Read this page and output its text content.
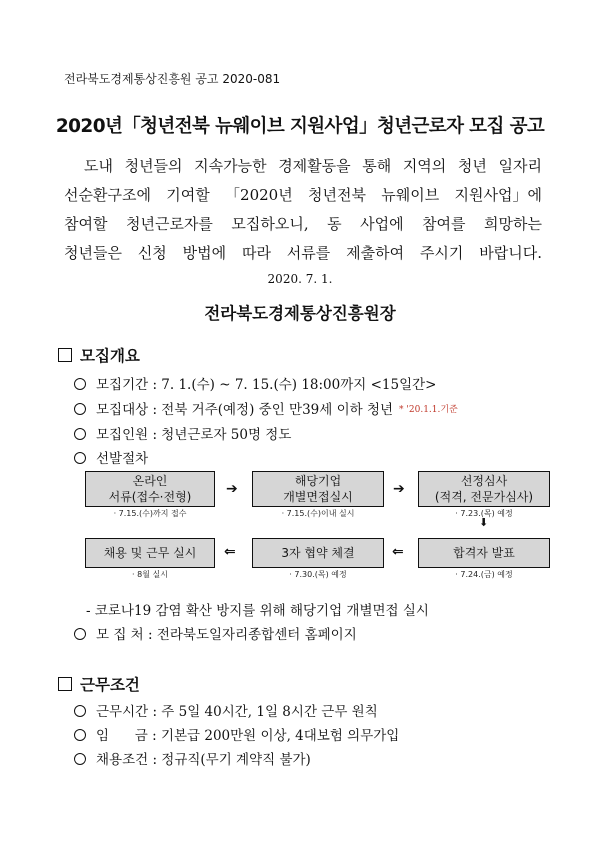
전라북도경제통상진흥원 공고 2020-081
2020년「청년전북 뉴웨이브 지원사업」청년근로자 모집 공고
도내 청년들의 지속가능한 경제활동을 통해 지역의 청년 일자리
선순환구조에 기여할 「2020년 청년전북 뉴웨이브 지원사업」에
참여할 청년근로자를 모집하오니, 동 사업에 참여를 희망하는
청년들은 신청 방법에 따라 서류를 제출하여 주시기 바랍니다.
2020. 7. 1.
전라북도경제통상진흥원장
모집개요
모집기간 : 7. 1.(수) ~ 7. 15.(수) 18:00까지 <15일간>
모집대상 : 전북 거주(예정) 중인 만39세 이하 청년 * '20.1.1.기준
모집인원 : 청년근로자 50명 정도
선발절차
온라인
서류(접수·전형)
· 7.15.(수)까지 접수
➔	해당기업
개별면접실시
· 7.15.(수)이내 실시
➔	선정심사
(적격, 전문가심사)
· 7.23.(목) 예정
⬇
채용 및 근무 실시
· 8월 실시
⇐	3자 협약 체결
· 7.30.(목) 예정
⇐	합격자 발표
· 7.24.(금) 예정
- 코로나19 감염 확산 방지를 위해 해당기업 개별면접 실시
모 집 처 : 전라북도일자리종합센터 홈페이지
근무조건
근무시간 : 주 5일 40시간, 1일 8시간 근무 원칙
임      금 : 기본급 200만원 이상, 4대보험 의무가입
채용조건 : 정규직(무기 계약직 불가)
